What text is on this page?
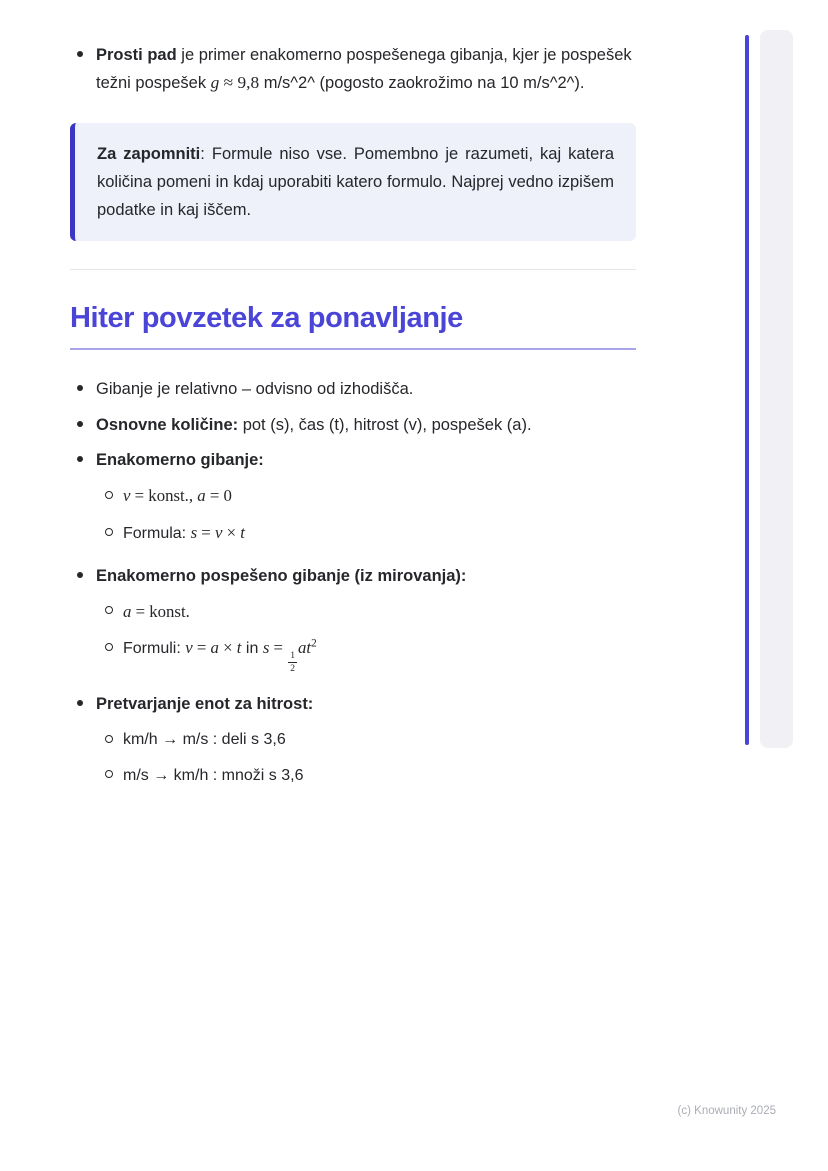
Prosti pad je primer enakomerno pospešenega gibanja, kjer je pospešek težni pospešek g ≈ 9,8 m/s^2^ (pogosto zaokrožimo na 10 m/s^2^).
Za zapomniti: Formule niso vse. Pomembno je razumeti, kaj katera količina pomeni in kdaj uporabiti katero formulo. Najprej vedno izpišem podatke in kaj iščem.
Hiter povzetek za ponavljanje
Gibanje je relativno – odvisno od izhodišča.
Osnovne količine: pot (s), čas (t), hitrost (v), pospešek (a).
Enakomerno gibanje:
v = konst., a = 0
Formula: s = v × t
Enakomerno pospešeno gibanje (iz mirovanja):
a = konst.
Formuli: v = a × t in s =
$\frac{1}{2}$
$at^2$
Pretvarjanje enot za hitrost:
km/h → m/s : deli s 3,6
m/s → km/h : množi s 3,6
(c) Knowunity 2025
